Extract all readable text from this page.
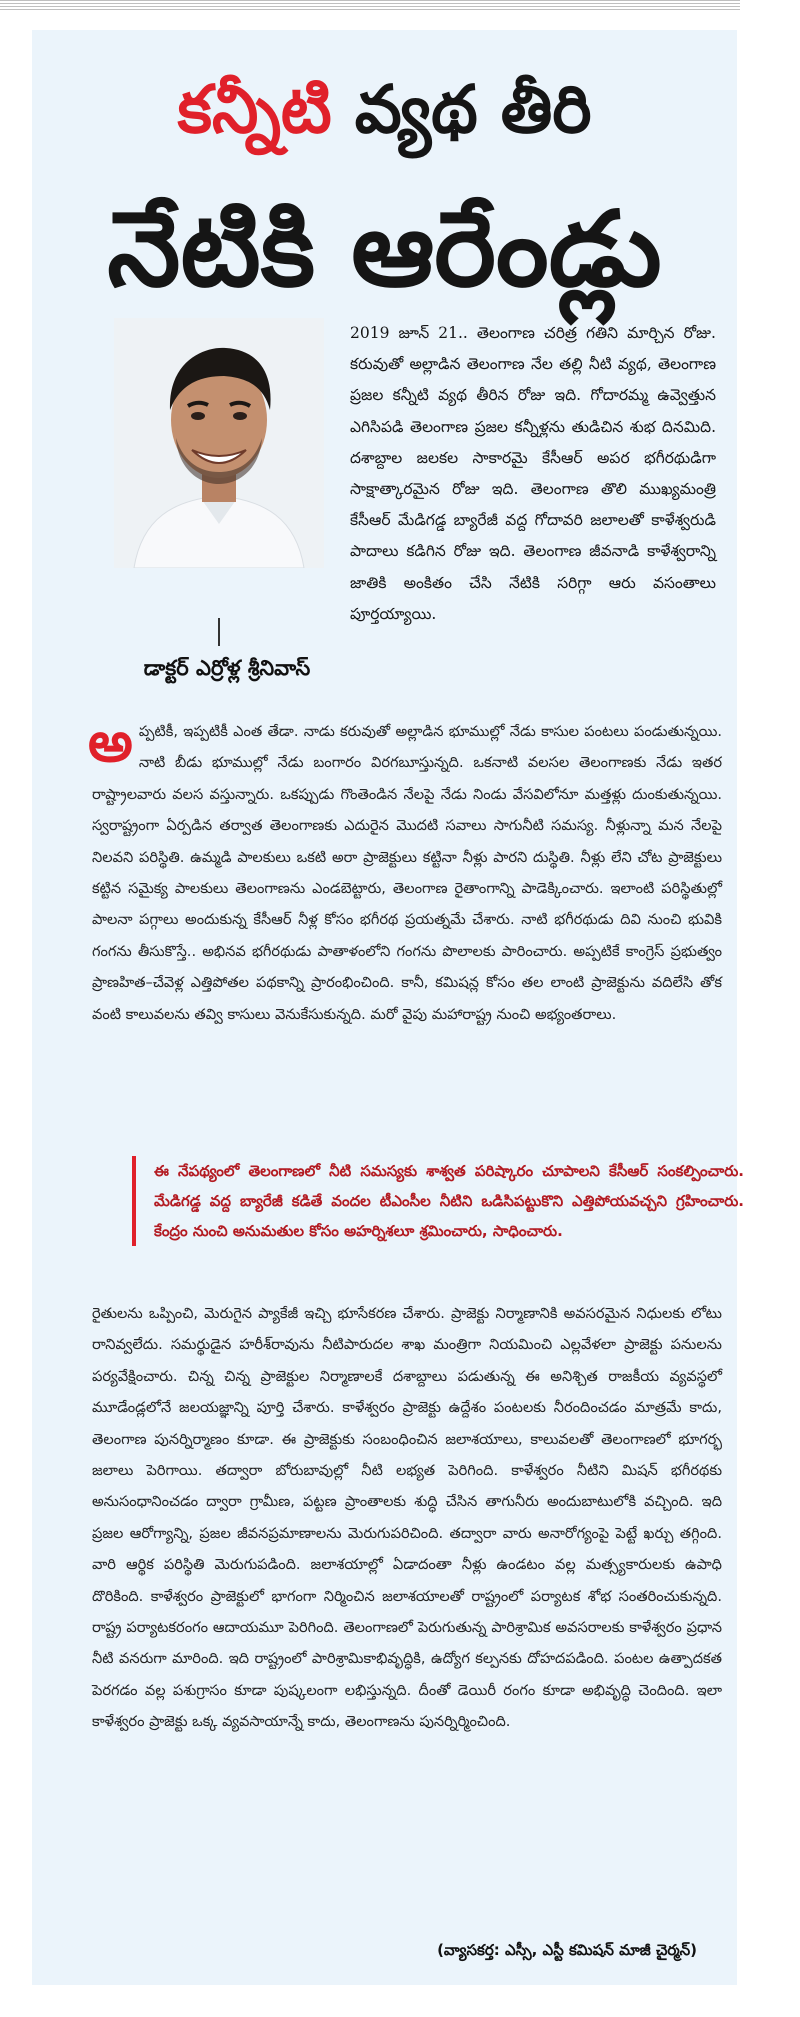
కన్నీటి వ్యథ తీరి
నేటికి ఆరేండ్లు
డాక్టర్ ఎర్రోళ్ల శ్రీనివాస్

2019 జూన్ 21.. తెలంగాణ చరిత్ర గతిని మార్చిన రోజు. కరువుతో అల్లాడిన తెలంగాణ నేల తల్లి నీటి వ్యథ, తెలంగాణ ప్రజల కన్నీటి వ్యథ తీరిన రోజు ఇది. గోదారమ్మ ఉవ్వెత్తున ఎగిసిపడి తెలంగాణ ప్రజల కన్నీళ్లను తుడిచిన శుభ దినమిది. దశాబ్దాల జలకల సాకారమై కేసీఆర్ అపర భగీరథుడిగా సాక్షాత్కారమైన రోజు ఇది. తెలంగాణ తొలి ముఖ్యమంత్రి కేసీఆర్ మేడిగడ్డ బ్యారేజీ వద్ద గోదావరి జలాలతో కాళేశ్వరుడి పాదాలు కడిగిన రోజు ఇది. తెలంగాణ జీవనాడి కాళేశ్వరాన్ని జాతికి అంకితం చేసి నేటికి సరిగ్గా ఆరు వసంతాలు పూర్తయ్యాయి.

అప్పటికీ, ఇప్పటికీ ఎంత తేడా. నాడు కరువుతో అల్లాడిన భూముల్లో నేడు కాసుల పంటలు పండుతున్నయి. నాటి బీడు భూముల్లో నేడు బంగారం విరగబూస్తున్నది. ఒకనాటి వలసల తెలంగాణకు నేడు ఇతర రాష్ట్రాలవారు వలస వస్తున్నారు. ఒకప్పుడు గొంతెండిన నేలపై నేడు నిండు వేసవిలోనూ మత్తళ్లు దుంకుతున్నయి. స్వరాష్ట్రంగా ఏర్పడిన తర్వాత తెలంగాణకు ఎదురైన మొదటి సవాలు సాగునీటి సమస్య. నీళ్లున్నా మన నేలపై నిలవని పరిస్థితి. ఉమ్మడి పాలకులు ఒకటి అరా ప్రాజెక్టులు కట్టినా నీళ్లు పారని దుస్థితి. నీళ్లు లేని చోట ప్రాజెక్టులు కట్టిన సమైక్య పాలకులు తెలంగాణను ఎండబెట్టారు, తెలంగాణ రైతాంగాన్ని పాడెక్కించారు. ఇలాంటి పరిస్థితుల్లో పాలనా పగ్గాలు అందుకున్న కేసీఆర్ నీళ్ల కోసం భగీరథ ప్రయత్నమే చేశారు. నాటి భగీరథుడు దివి నుంచి భువికి గంగను తీసుకొస్తే.. అభినవ భగీరథుడు పాతాళంలోని గంగను పొలాలకు పారించారు. అప్పటికే కాంగ్రెస్ ప్రభుత్వం ప్రాణహిత–చేవెళ్ల ఎత్తిపోతల పథకాన్ని ప్రారంభించింది. కానీ, కమిషన్ల కోసం తల లాంటి ప్రాజెక్టును వదిలేసి తోక వంటి కాలువలను తవ్వి కాసులు వెనుకేసుకున్నది. మరో వైపు మహారాష్ట్ర నుంచి అభ్యంతరాలు.

ఈ నేపథ్యంలో తెలంగాణలో నీటి సమస్యకు శాశ్వత పరిష్కారం చూపాలని కేసీఆర్ సంకల్పించారు. మేడిగడ్డ వద్ద బ్యారేజీ కడితే వందల టీఎంసీల నీటిని ఒడిసిపట్టుకొని ఎత్తిపోయవచ్చని గ్రహించారు. కేంద్రం నుంచి అనుమతుల కోసం అహర్నిశలూ శ్రమించారు, సాధించారు.

రైతులను ఒప్పించి, మెరుగైన ప్యాకేజీ ఇచ్చి భూసేకరణ చేశారు. ప్రాజెక్టు నిర్మాణానికి అవసరమైన నిధులకు లోటు రానివ్వలేదు. సమర్థుడైన హరీశ్‌రావును నీటిపారుదల శాఖ మంత్రిగా నియమించి ఎల్లవేళలా ప్రాజెక్టు పనులను పర్యవేక్షించారు. చిన్న చిన్న ప్రాజెక్టుల నిర్మాణాలకే దశాబ్దాలు పడుతున్న ఈ అనిశ్చిత రాజకీయ వ్యవస్థలో మూడేండ్లలోనే జలయజ్ఞాన్ని పూర్తి చేశారు. కాళేశ్వరం ప్రాజెక్టు ఉద్దేశం పంటలకు నీరందించడం మాత్రమే కాదు, తెలంగాణ పునర్నిర్మాణం కూడా. ఈ ప్రాజెక్టుకు సంబంధించిన జలాశయాలు, కాలువలతో తెలంగాణలో భూగర్భ జలాలు పెరిగాయి. తద్వారా బోరుబావుల్లో నీటి లభ్యత పెరిగింది. కాళేశ్వరం నీటిని మిషన్ భగీరథకు అనుసంధానించడం ద్వారా గ్రామీణ, పట్టణ ప్రాంతాలకు శుద్ధి చేసిన తాగునీరు అందుబాటులోకి వచ్చింది. ఇది ప్రజల ఆరోగ్యాన్ని, ప్రజల జీవనప్రమాణాలను మెరుగుపరిచింది. తద్వారా వారు అనారోగ్యంపై పెట్టే ఖర్చు తగ్గింది. వారి ఆర్థిక పరిస్థితి మెరుగుపడింది. జలాశయాల్లో ఏడాదంతా నీళ్లు ఉండటం వల్ల మత్స్యకారులకు ఉపాధి దొరికింది. కాళేశ్వరం ప్రాజెక్టులో భాగంగా నిర్మించిన జలాశయాలతో రాష్ట్రంలో పర్యాటక శోభ సంతరించుకున్నది. రాష్ట్ర పర్యాటకరంగం ఆదాయమూ పెరిగింది. తెలంగాణలో పెరుగుతున్న పారిశ్రామిక అవసరాలకు కాళేశ్వరం ప్రధాన నీటి వనరుగా మారింది. ఇది రాష్ట్రంలో పారిశ్రామికాభివృద్ధికి, ఉద్యోగ కల్పనకు దోహదపడింది. పంటల ఉత్పాదకత పెరగడం వల్ల పశుగ్రాసం కూడా పుష్కలంగా లభిస్తున్నది. దీంతో డెయిరీ రంగం కూడా అభివృద్ధి చెందింది. ఇలా కాళేశ్వరం ప్రాజెక్టు ఒక్క వ్యవసాయాన్నే కాదు, తెలంగాణను పునర్నిర్మించింది.

(వ్యాసకర్త: ఎస్సీ, ఎస్టీ కమిషన్ మాజీ చైర్మన్)
